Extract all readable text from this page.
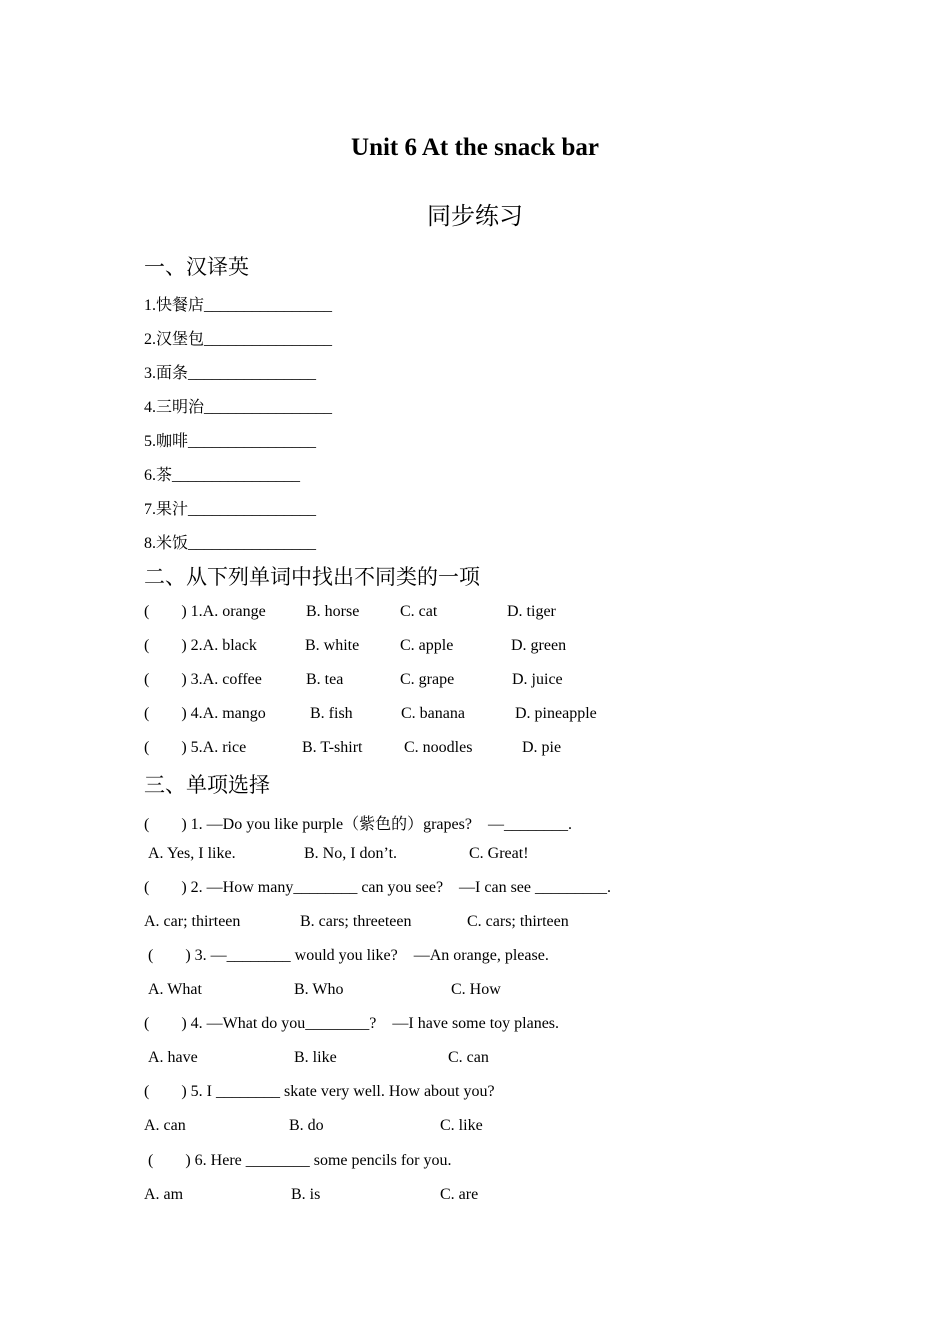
Unit 6 At the snack bar
同步练习
一、汉译英
1.快餐店________________
2.汉堡包________________
3.面条________________
4.三明治________________
5.咖啡________________
6.茶________________
7.果汁________________
8.米饭________________
二、从下列单词中找出不同类的一项
(        ) 1.A. orange	B. horse	C. cat	D. tiger
(        ) 2.A. black	B. white	C. apple	D. green
(        ) 3.A. coffee	B. tea	C. grape	D. juice
(        ) 4.A. mango	B. fish	C. banana	D. pineapple
(        ) 5.A. rice	B. T-shirt	C. noodles	D. pie
三、单项选择
(        ) 1. —Do you like purple（紫色的）grapes?    —________.
A. Yes, I like.	B. No, I don’t.	C. Great!
(        ) 2. —How many________ can you see?    —I can see _________.
A. car; thirteen	B. cars; threeteen	C. cars; thirteen
(        ) 3. —________ would you like?    —An orange, please.
A. What	B. Who	C. How
(        ) 4. —What do you________?    —I have some toy planes.
A. have	B. like	C. can
(        ) 5. I ________ skate very well. How about you?
A. can	B. do	C. like
(        ) 6. Here ________ some pencils for you.
A. am	B. is	C. are
